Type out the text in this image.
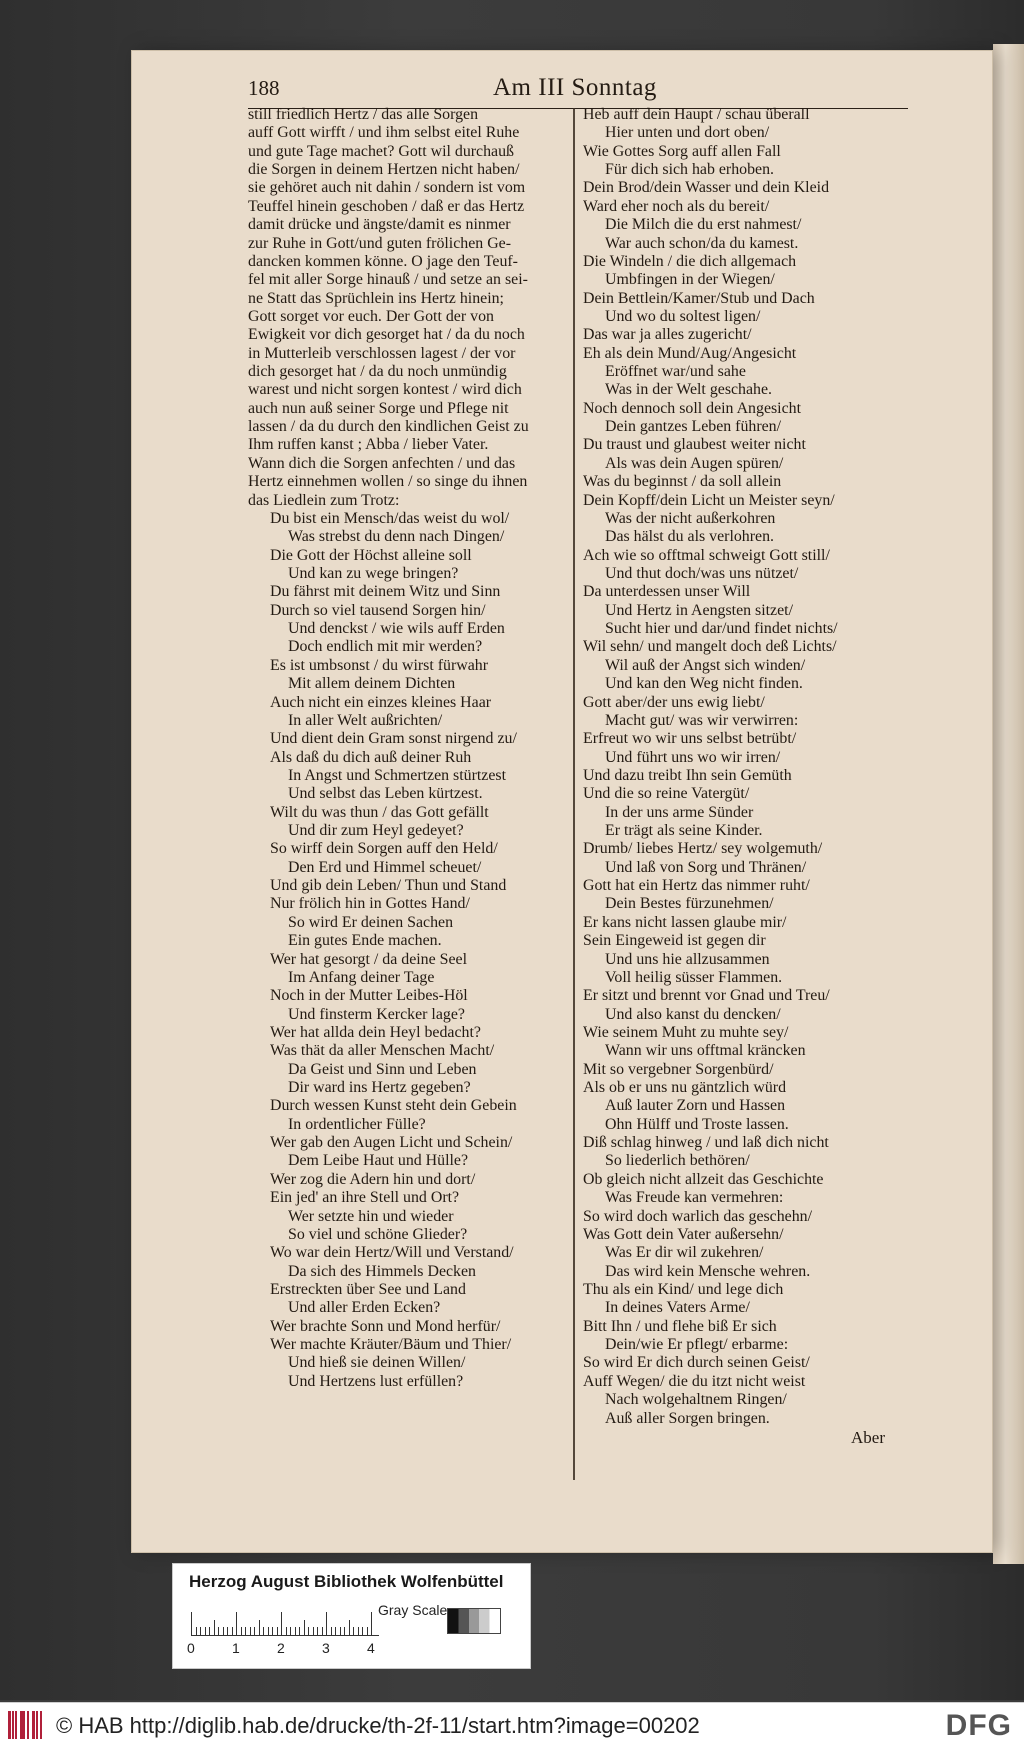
188	Am III Sonntag
still friedlich Hertz / das alle Sorgen
auff Gott wirfft / und ihm selbst eitel Ruhe
und gute Tage machet? Gott wil durchauß
die Sorgen in deinem Hertzen nicht haben/
sie gehöret auch nit dahin / sondern ist vom
Teuffel hinein geschoben / daß er das Hertz
damit drücke und ängste/damit es ninmer
zur Ruhe in Gott/und guten frölichen Ge-
dancken kommen könne. O jage den Teuf-
fel mit aller Sorge hinauß / und setze an sei-
ne Statt das Sprüchlein ins Hertz hinein;
Gott sorget vor euch. Der Gott der von
Ewigkeit vor dich gesorget hat / da du noch
in Mutterleib verschlossen lagest / der vor
dich gesorget hat / da du noch unmündig
warest und nicht sorgen kontest / wird dich
auch nun auß seiner Sorge und Pflege nit
lassen / da du durch den kindlichen Geist zu
Ihm ruffen kanst ; Abba / lieber Vater.
Wann dich die Sorgen anfechten / und das
Hertz einnehmen wollen / so singe du ihnen
das Liedlein zum Trotz:
Du bist ein Mensch/das weist du wol/
Was strebst du denn nach Dingen/
Die Gott der Höchst alleine soll
Und kan zu wege bringen?
Du fährst mit deinem Witz und Sinn
Durch so viel tausend Sorgen hin/
Und denckst / wie wils auff Erden
Doch endlich mit mir werden?
Es ist umbsonst / du wirst fürwahr
Mit allem deinem Dichten
Auch nicht ein einzes kleines Haar
In aller Welt außrichten/
Und dient dein Gram sonst nirgend zu/
Als daß du dich auß deiner Ruh
In Angst und Schmertzen stürtzest
Und selbst das Leben kürtzest.
Wilt du was thun / das Gott gefällt
Und dir zum Heyl gedeyet?
So wirff dein Sorgen auff den Held/
Den Erd und Himmel scheuet/
Und gib dein Leben/ Thun und Stand
Nur frölich hin in Gottes Hand/
So wird Er deinen Sachen
Ein gutes Ende machen.
Wer hat gesorgt / da deine Seel
Im Anfang deiner Tage
Noch in der Mutter Leibes-Höl
Und finsterm Kercker lage?
Wer hat allda dein Heyl bedacht?
Was thät da aller Menschen Macht/
Da Geist und Sinn und Leben
Dir ward ins Hertz gegeben?
Durch wessen Kunst steht dein Gebein
In ordentlicher Fülle?
Wer gab den Augen Licht und Schein/
Dem Leibe Haut und Hülle?
Wer zog die Adern hin und dort/
Ein jed' an ihre Stell und Ort?
Wer setzte hin und wieder
So viel und schöne Glieder?
Wo war dein Hertz/Will und Verstand/
Da sich des Himmels Decken
Erstreckten über See und Land
Und aller Erden Ecken?
Wer brachte Sonn und Mond herfür/
Wer machte Kräuter/Bäum und Thier/
Und hieß sie deinen Willen/
Und Hertzens lust erfüllen?
Heb auff dein Haupt / schau überall
Hier unten und dort oben/
Wie Gottes Sorg auff allen Fall
Für dich sich hab erhoben.
Dein Brod/dein Wasser und dein Kleid
Ward eher noch als du bereit/
Die Milch die du erst nahmest/
War auch schon/da du kamest.
Die Windeln / die dich allgemach
Umbfingen in der Wiegen/
Dein Bettlein/Kamer/Stub und Dach
Und wo du soltest ligen/
Das war ja alles zugericht/
Eh als dein Mund/Aug/Angesicht
Eröffnet war/und sahe
Was in der Welt geschahe.
Noch dennoch soll dein Angesicht
Dein gantzes Leben führen/
Du traust und glaubest weiter nicht
Als was dein Augen spüren/
Was du beginnst / da soll allein
Dein Kopff/dein Licht un Meister seyn/
Was der nicht außerkohren
Das hälst du als verlohren.
Ach wie so offtmal schweigt Gott still/
Und thut doch/was uns nützet/
Da unterdessen unser Will
Und Hertz in Aengsten sitzet/
Sucht hier und dar/und findet nichts/
Wil sehn/ und mangelt doch deß Lichts/
Wil auß der Angst sich winden/
Und kan den Weg nicht finden.
Gott aber/der uns ewig liebt/
Macht gut/ was wir verwirren:
Erfreut wo wir uns selbst betrübt/
Und führt uns wo wir irren/
Und dazu treibt Ihn sein Gemüth
Und die so reine Vatergüt/
In der uns arme Sünder
Er trägt als seine Kinder.
Drumb/ liebes Hertz/ sey wolgemuth/
Und laß von Sorg und Thränen/
Gott hat ein Hertz das nimmer ruht/
Dein Bestes fürzunehmen/
Er kans nicht lassen glaube mir/
Sein Eingeweid ist gegen dir
Und uns hie allzusammen
Voll heilig süsser Flammen.
Er sitzt und brennt vor Gnad und Treu/
Und also kanst du dencken/
Wie seinem Muht zu muhte sey/
Wann wir uns offtmal kräncken
Mit so vergebner Sorgenbürd/
Als ob er uns nu gäntzlich würd
Auß lauter Zorn und Hassen
Ohn Hülff und Troste lassen.
Diß schlag hinweg / und laß dich nicht
So liederlich bethören/
Ob gleich nicht allzeit das Geschichte
Was Freude kan vermehren:
So wird doch warlich das geschehn/
Was Gott dein Vater außersehn/
Was Er dir wil zukehren/
Das wird kein Mensche wehren.
Thu als ein Kind/ und lege dich
In deines Vaters Arme/
Bitt Ihn / und flehe biß Er sich
Dein/wie Er pflegt/ erbarme:
So wird Er dich durch seinen Geist/
Auff Wegen/ die du itzt nicht weist
Nach wolgehaltnem Ringen/
Auß aller Sorgen bringen.
Aber
Herzog August Bibliothek Wolfenbüttel
0	1	2	3	4
Gray Scale
© HAB http://diglib.hab.de/drucke/th-2f-11/start.htm?image=00202	DFG
